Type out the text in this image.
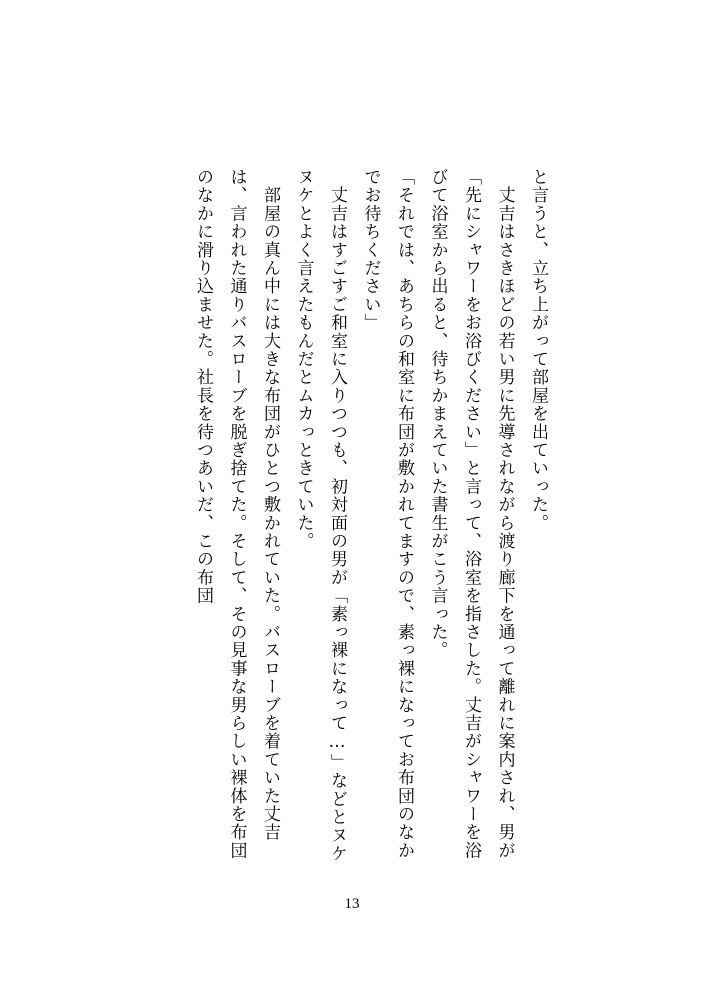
と言うと、立ち上がって部屋を出ていった。

　丈吉はさきほどの若い男に先導されながら渡り廊下を通って離れに案内され、男が「先にシャワーをお浴びください」と言って、浴室を指さした。丈吉がシャワーを浴びて浴室から出ると、待ちかまえていた書生がこう言った。

「それでは、あちらの和室に布団が敷かれてますので、素っ裸になってお布団のなかでお待ちください」

　丈吉はすごすご和室に入りつつも、初対面の男が「素っ裸になって…」などとヌケヌケとよく言えたもんだとムカっときていた。

　部屋の真ん中には大きな布団がひとつ敷かれていた。バスローブを着ていた丈吉は、言われた通りバスローブを脱ぎ捨てた。そして、その見事な男らしい裸体を布団のなかに滑り込ませた。社長を待つあいだ、この布団

13
